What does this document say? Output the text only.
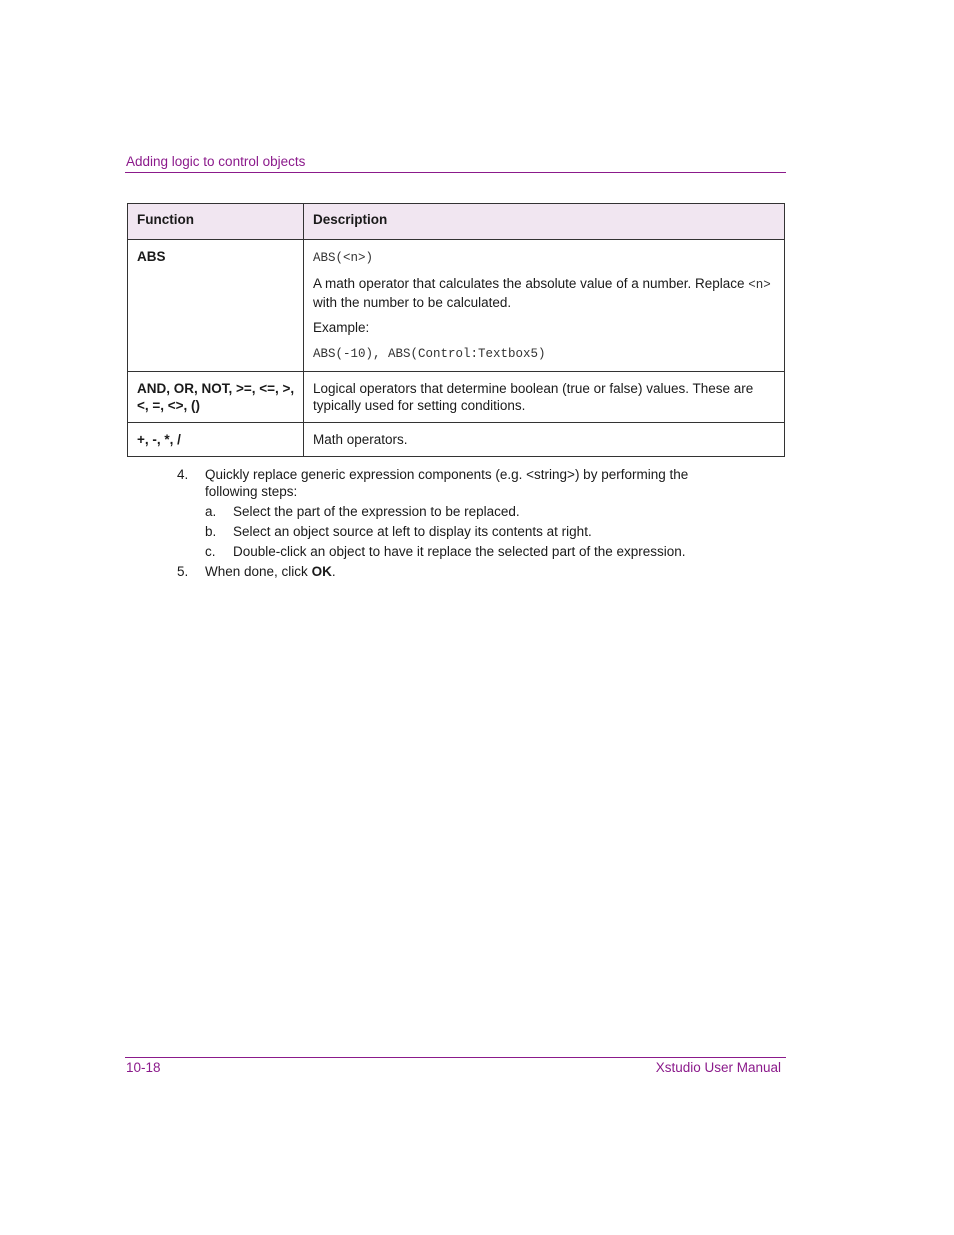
Adding logic to control objects
Function	Description
ABS	ABS(<n>)

A math operator that calculates the absolute value of a number. Replace <n> with the number to be calculated.

Example:

ABS(-10), ABS(Control:Textbox5)

AND, OR, NOT, >=, <=, >,<, =, <>, ()	Logical operators that determine boolean (true or false) values. These are typically used for setting conditions.

+, -, *, /	Math operators.

4. Quickly replace generic expression components (e.g. <string>) by performing the following steps:
a. Select the part of the expression to be replaced.
b. Select an object source at left to display its contents at right.
c. Double-click an object to have it replace the selected part of the expression.
5. When done, click OK.
10-18	Xstudio User Manual
